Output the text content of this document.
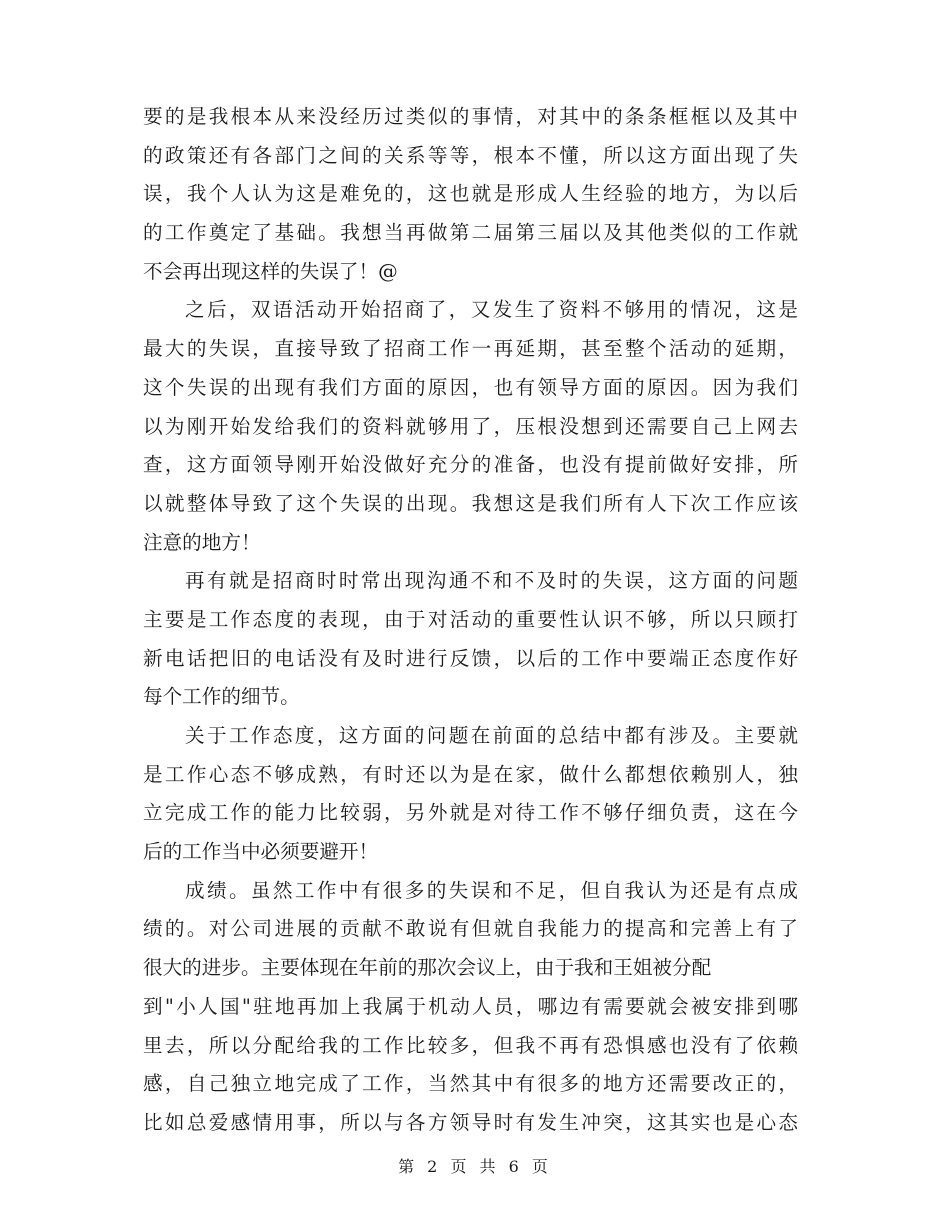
要的是我根本从来没经历过类似的事情，对其中的条条框框以及其中
的政策还有各部门之间的关系等等，根本不懂，所以这方面出现了失
误，我个人认为这是难免的，这也就是形成人生经验的地方，为以后
的工作奠定了基础。我想当再做第二届第三届以及其他类似的工作就
不会再出现这样的失误了！@
之后，双语活动开始招商了，又发生了资料不够用的情况，这是
最大的失误，直接导致了招商工作一再延期，甚至整个活动的延期，
这个失误的出现有我们方面的原因，也有领导方面的原因。因为我们
以为刚开始发给我们的资料就够用了，压根没想到还需要自己上网去
查，这方面领导刚开始没做好充分的准备，也没有提前做好安排，所
以就整体导致了这个失误的出现。我想这是我们所有人下次工作应该
注意的地方！
再有就是招商时时常出现沟通不和不及时的失误，这方面的问题
主要是工作态度的表现，由于对活动的重要性认识不够，所以只顾打
新电话把旧的电话没有及时进行反馈，以后的工作中要端正态度作好
每个工作的细节。
关于工作态度，这方面的问题在前面的总结中都有涉及。主要就
是工作心态不够成熟，有时还以为是在家，做什么都想依赖别人，独
立完成工作的能力比较弱，另外就是对待工作不够仔细负责，这在今
后的工作当中必须要避开！
成绩。虽然工作中有很多的失误和不足，但自我认为还是有点成
绩的。对公司进展的贡献不敢说有但就自我能力的提高和完善上有了
很大的进步。主要体现在年前的那次会议上，由于我和王姐被分配
到"小人国"驻地再加上我属于机动人员，哪边有需要就会被安排到哪
里去，所以分配给我的工作比较多，但我不再有恐惧感也没有了依赖
感，自己独立地完成了工作，当然其中有很多的地方还需要改正的，
比如总爱感情用事，所以与各方领导时有发生冲突，这其实也是心态
第 2 页 共 6 页
